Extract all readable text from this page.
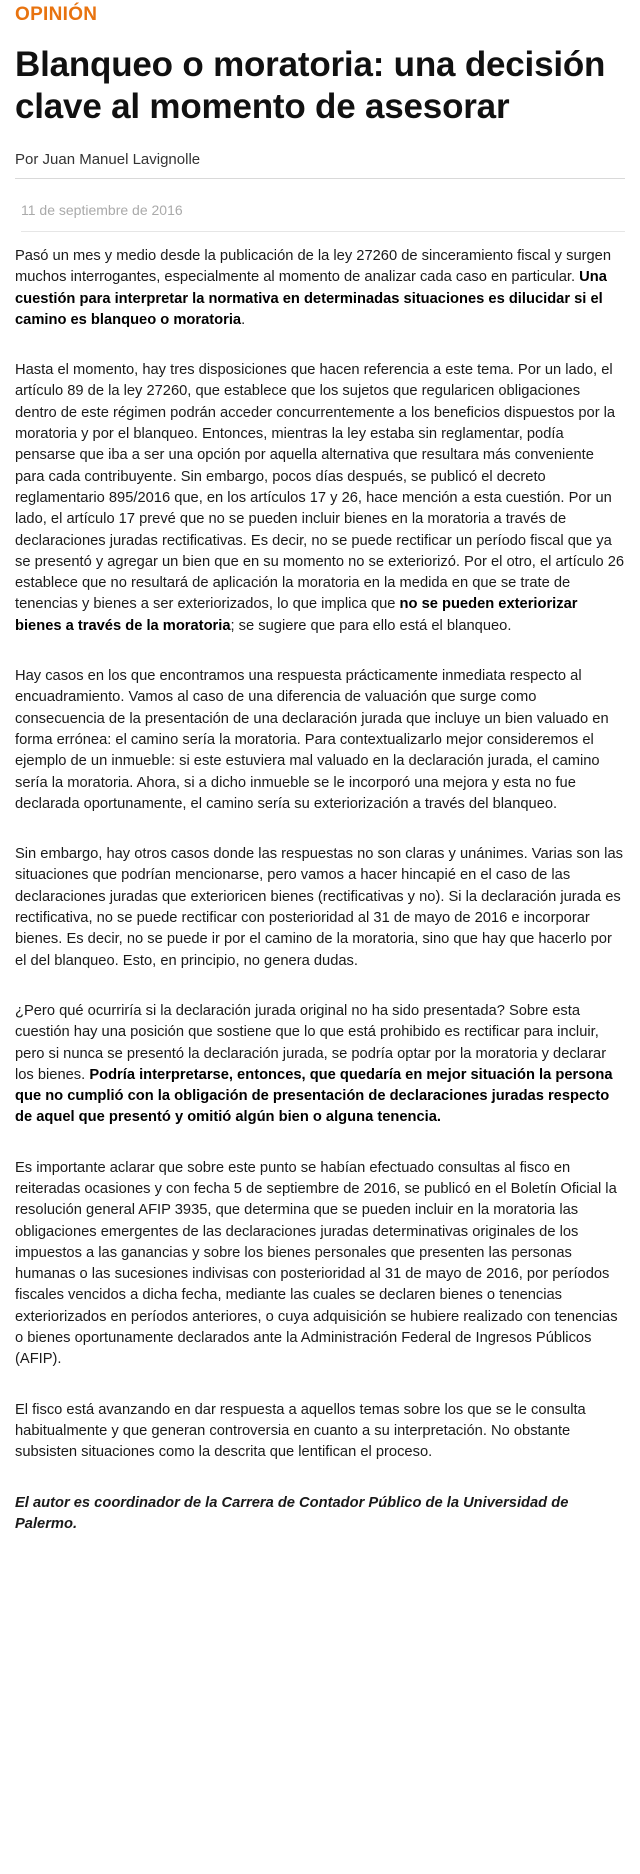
OPINIÓN
Blanqueo o moratoria: una decisión clave al momento de asesorar
Por Juan Manuel Lavignolle
11 de septiembre de 2016

Pasó un mes y medio desde la publicación de la ley 27260 de sinceramiento fiscal y surgen muchos interrogantes, especialmente al momento de analizar cada caso en particular. Una cuestión para interpretar la normativa en determinadas situaciones es dilucidar si el camino es blanqueo o moratoria.

Hasta el momento, hay tres disposiciones que hacen referencia a este tema. Por un lado, el artículo 89 de la ley 27260, que establece que los sujetos que regularicen obligaciones dentro de este régimen podrán acceder concurrentemente a los beneficios dispuestos por la moratoria y por el blanqueo. Entonces, mientras la ley estaba sin reglamentar, podía pensarse que iba a ser una opción por aquella alternativa que resultara más conveniente para cada contribuyente. Sin embargo, pocos días después, se publicó el decreto reglamentario 895/2016 que, en los artículos 17 y 26, hace mención a esta cuestión. Por un lado, el artículo 17 prevé que no se pueden incluir bienes en la moratoria a través de declaraciones juradas rectificativas. Es decir, no se puede rectificar un período fiscal que ya se presentó y agregar un bien que en su momento no se exteriorizó. Por el otro, el artículo 26 establece que no resultará de aplicación la moratoria en la medida en que se trate de tenencias y bienes a ser exteriorizados, lo que implica que no se pueden exteriorizar bienes a través de la moratoria; se sugiere que para ello está el blanqueo.

Hay casos en los que encontramos una respuesta prácticamente inmediata respecto al encuadramiento. Vamos al caso de una diferencia de valuación que surge como consecuencia de la presentación de una declaración jurada que incluye un bien valuado en forma errónea: el camino sería la moratoria. Para contextualizarlo mejor consideremos el ejemplo de un inmueble: si este estuviera mal valuado en la declaración jurada, el camino sería la moratoria. Ahora, si a dicho inmueble se le incorporó una mejora y esta no fue declarada oportunamente, el camino sería su exteriorización a través del blanqueo.

Sin embargo, hay otros casos donde las respuestas no son claras y unánimes. Varias son las situaciones que podrían mencionarse, pero vamos a hacer hincapié en el caso de las declaraciones juradas que exterioricen bienes (rectificativas y no). Si la declaración jurada es rectificativa, no se puede rectificar con posterioridad al 31 de mayo de 2016 e incorporar bienes. Es decir, no se puede ir por el camino de la moratoria, sino que hay que hacerlo por el del blanqueo. Esto, en principio, no genera dudas.

¿Pero qué ocurriría si la declaración jurada original no ha sido presentada? Sobre esta cuestión hay una posición que sostiene que lo que está prohibido es rectificar para incluir, pero si nunca se presentó la declaración jurada, se podría optar por la moratoria y declarar los bienes. Podría interpretarse, entonces, que quedaría en mejor situación la persona que no cumplió con la obligación de presentación de declaraciones juradas respecto de aquel que presentó y omitió algún bien o alguna tenencia.

Es importante aclarar que sobre este punto se habían efectuado consultas al fisco en reiteradas ocasiones y con fecha 5 de septiembre de 2016, se publicó en el Boletín Oficial la resolución general AFIP 3935, que determina que se pueden incluir en la moratoria las obligaciones emergentes de las declaraciones juradas determinativas originales de los impuestos a las ganancias y sobre los bienes personales que presenten las personas humanas o las sucesiones indivisas con posterioridad al 31 de mayo de 2016, por períodos fiscales vencidos a dicha fecha, mediante las cuales se declaren bienes o tenencias exteriorizados en períodos anteriores, o cuya adquisición se hubiere realizado con tenencias o bienes oportunamente declarados ante la Administración Federal de Ingresos Públicos (AFIP).

El fisco está avanzando en dar respuesta a aquellos temas sobre los que se le consulta habitualmente y que generan controversia en cuanto a su interpretación. No obstante subsisten situaciones como la descrita que lentifican el proceso.

El autor es coordinador de la Carrera de Contador Público de la Universidad de Palermo.
